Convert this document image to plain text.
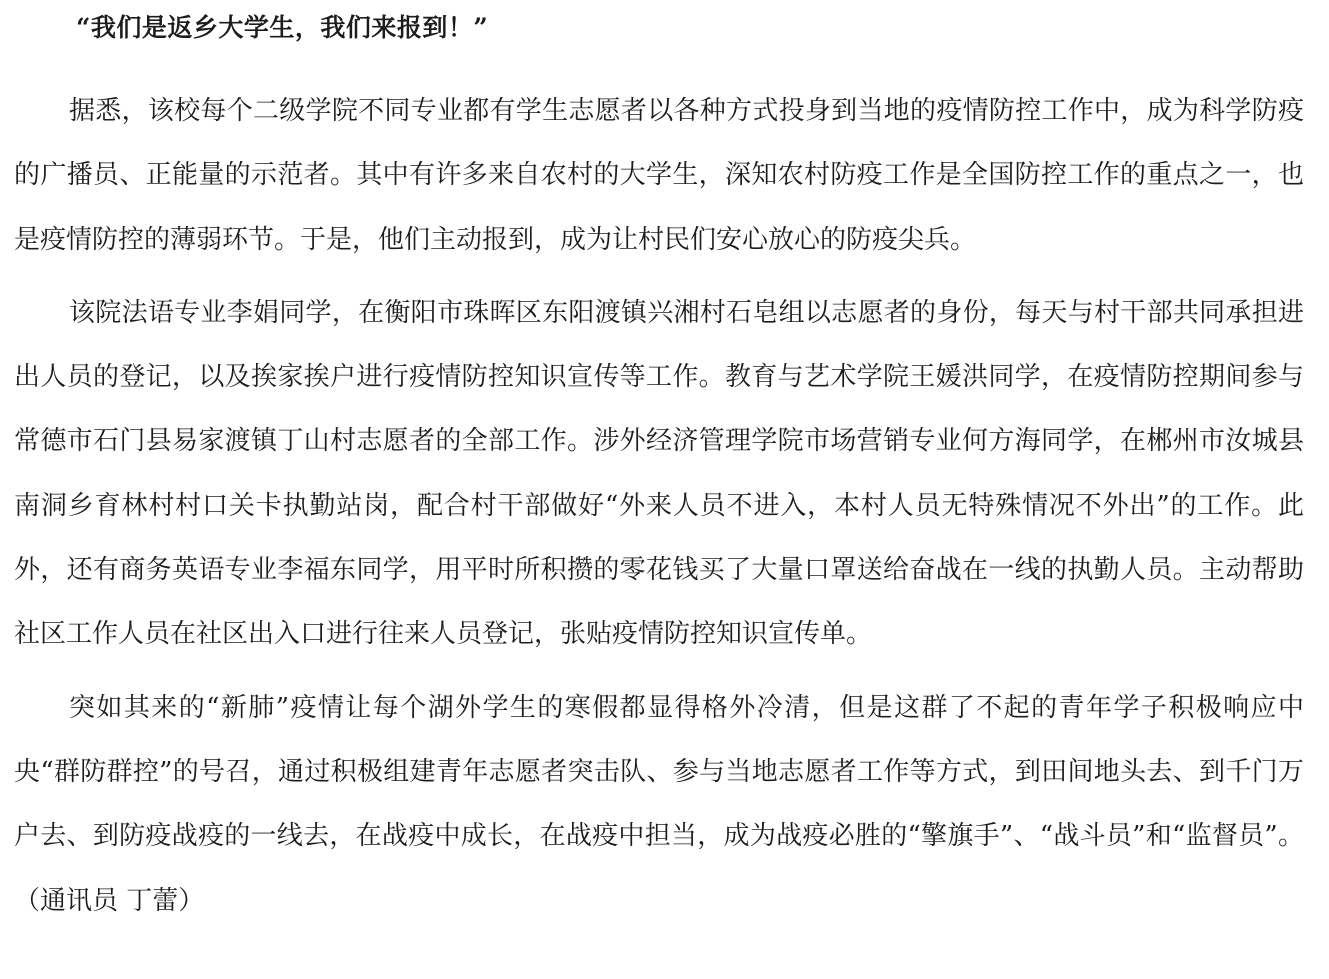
“我们是返乡大学生，我们来报到！”

据悉，该校每个二级学院不同专业都有学生志愿者以各种方式投身到当地的疫情防控工作中，成为科学防疫的广播员、正能量的示范者。其中有许多来自农村的大学生，深知农村防疫工作是全国防控工作的重点之一，也是疫情防控的薄弱环节。于是，他们主动报到，成为让村民们安心放心的防疫尖兵。

该院法语专业李娟同学，在衡阳市珠晖区东阳渡镇兴湘村石皂组以志愿者的身份，每天与村干部共同承担进出人员的登记，以及挨家挨户进行疫情防控知识宣传等工作。教育与艺术学院王媛洪同学，在疫情防控期间参与常德市石门县易家渡镇丁山村志愿者的全部工作。涉外经济管理学院市场营销专业何方海同学，在郴州市汝城县南洞乡育林村村口关卡执勤站岗，配合村干部做好“外来人员不进入，本村人员无特殊情况不外出”的工作。此外，还有商务英语专业李福东同学，用平时所积攒的零花钱买了大量口罩送给奋战在一线的执勤人员。主动帮助社区工作人员在社区出入口进行往来人员登记，张贴疫情防控知识宣传单。

突如其来的“新肺”疫情让每个湖外学生的寒假都显得格外冷清，但是这群了不起的青年学子积极响应中央“群防群控”的号召，通过积极组建青年志愿者突击队、参与当地志愿者工作等方式，到田间地头去、到千门万户去、到防疫战疫的一线去，在战疫中成长，在战疫中担当，成为战疫必胜的“擎旗手”、“战斗员”和“监督员”。（通讯员 丁蕾）
